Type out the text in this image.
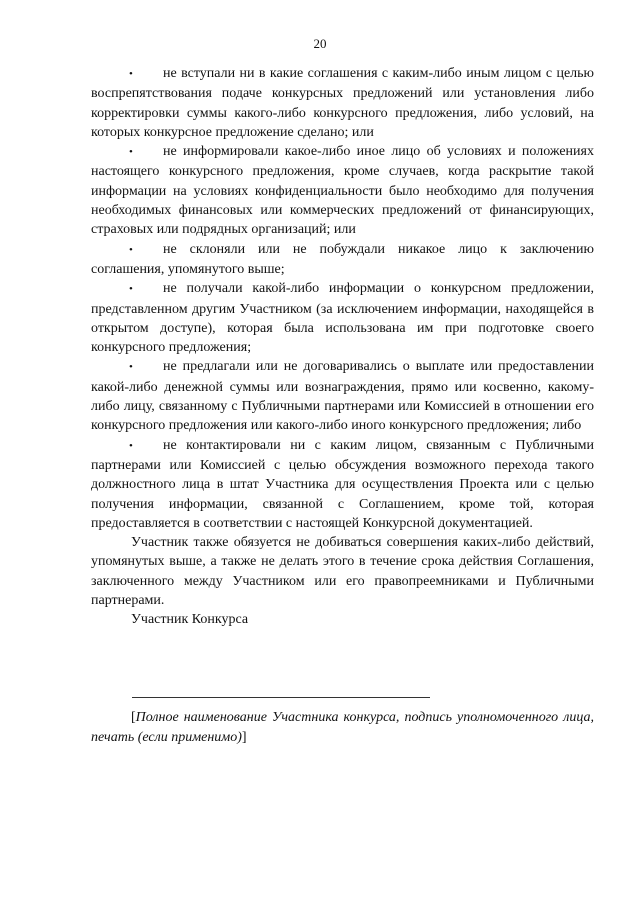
20

• не вступали ни в какие соглашения с каким-либо иным лицом с целью воспрепятствования подаче конкурсных предложений или установления либо корректировки суммы какого-либо конкурсного предложения, либо условий, на которых конкурсное предложение сделано; или

• не информировали какое-либо иное лицо об условиях и положениях настоящего конкурсного предложения, кроме случаев, когда раскрытие такой информации на условиях конфиденциальности было необходимо для получения необходимых финансовых или коммерческих предложений от финансирующих, страховых или подрядных организаций; или

• не склоняли или не побуждали никакое лицо к заключению соглашения, упомянутого выше;

• не получали какой-либо информации о конкурсном предложении, представленном другим Участником (за исключением информации, находящейся в открытом доступе), которая была использована им при подготовке своего конкурсного предложения;

• не предлагали или не договаривались о выплате или предоставлении какой-либо денежной суммы или вознаграждения, прямо или косвенно, какому-либо лицу, связанному с Публичными партнерами или Комиссией в отношении его конкурсного предложения или какого-либо иного конкурсного предложения; либо

• не контактировали ни с каким лицом, связанным с Публичными партнерами или Комиссией с целью обсуждения возможного перехода такого должностного лица в штат Участника для осуществления Проекта или с целью получения информации, связанной с Соглашением, кроме той, которая предоставляется в соответствии с настоящей Конкурсной документацией.

Участник также обязуется не добиваться совершения каких-либо действий, упомянутых выше, а также не делать этого в течение срока действия Соглашения, заключенного между Участником или его правопреемниками и Публичными партнерами.

Участник Конкурса

[Полное наименование Участника конкурса, подпись уполномоченного лица, печать (если применимо)]
